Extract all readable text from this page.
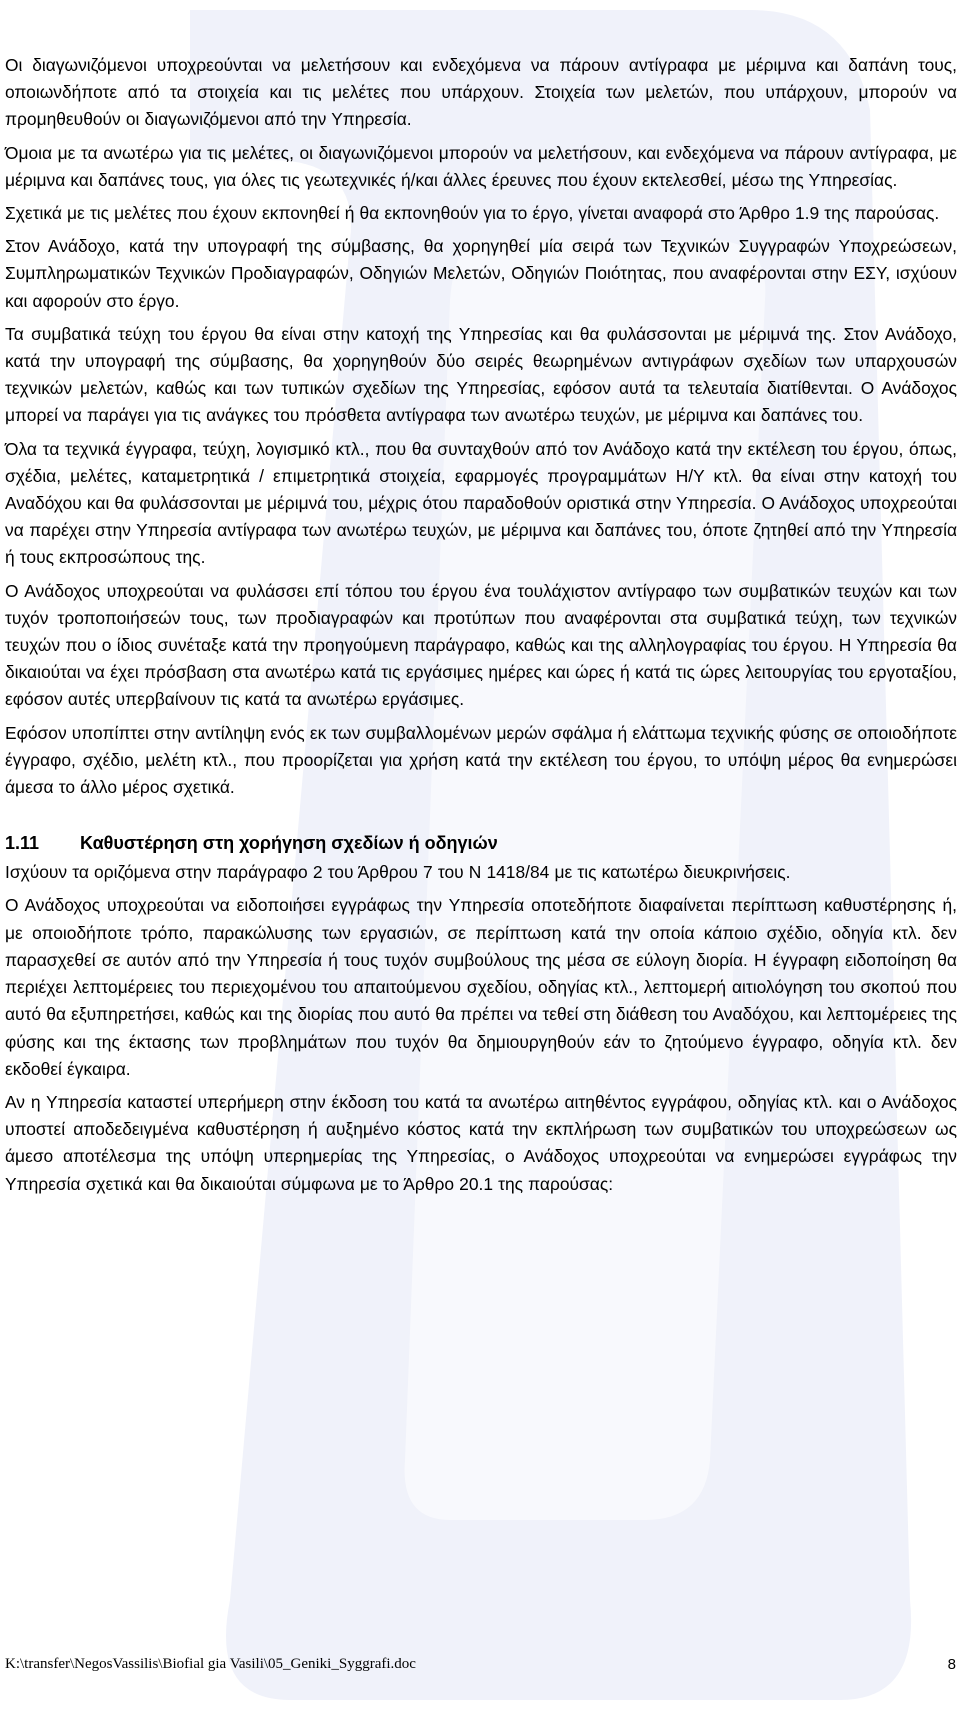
Οι διαγωνιζόμενοι υποχρεούνται να μελετήσουν και ενδεχόμενα να πάρουν αντίγραφα με μέριμνα και δαπάνη τους, οποιωνδήποτε από τα στοιχεία και τις μελέτες που υπάρχουν. Στοιχεία των μελετών, που υπάρχουν, μπορούν να προμηθευθούν οι διαγωνιζόμενοι από την Υπηρεσία.

Όμοια με τα ανωτέρω για τις μελέτες, οι διαγωνιζόμενοι μπορούν να μελετήσουν, και ενδεχόμενα να πάρουν αντίγραφα, με μέριμνα και δαπάνες τους, για όλες τις γεωτεχνικές ή/και άλλες έρευνες που έχουν εκτελεσθεί, μέσω της Υπηρεσίας.

Σχετικά με τις μελέτες που έχουν εκπονηθεί ή θα εκπονηθούν για το έργο, γίνεται αναφορά στο Άρθρο 1.9 της παρούσας.

Στον Ανάδοχο, κατά την υπογραφή της σύμβασης, θα χορηγηθεί μία σειρά των Τεχνικών Συγγραφών Υποχρεώσεων, Συμπληρωματικών Τεχνικών Προδιαγραφών, Οδηγιών Μελετών, Οδηγιών Ποιότητας, που αναφέρονται στην ΕΣΥ, ισχύουν και αφορούν στο έργο.

Τα συμβατικά τεύχη του έργου θα είναι στην κατοχή της Υπηρεσίας και θα φυλάσσονται με μέριμνά της. Στον Ανάδοχο, κατά την υπογραφή της σύμβασης, θα χορηγηθούν δύο σειρές θεωρημένων αντιγράφων σχεδίων των υπαρχουσών τεχνικών μελετών, καθώς και των τυπικών σχεδίων της Υπηρεσίας, εφόσον αυτά τα τελευταία διατίθενται. Ο Ανάδοχος μπορεί να παράγει για τις ανάγκες του πρόσθετα αντίγραφα των ανωτέρω τευχών, με μέριμνα και δαπάνες του.

Όλα τα τεχνικά έγγραφα, τεύχη, λογισμικό κτλ., που θα συνταχθούν από τον Ανάδοχο κατά την εκτέλεση του έργου, όπως, σχέδια, μελέτες, καταμετρητικά / επιμετρητικά στοιχεία, εφαρμογές προγραμμάτων Η/Υ κτλ. θα είναι στην κατοχή του Αναδόχου και θα φυλάσσονται με μέριμνά του, μέχρις ότου παραδοθούν οριστικά στην Υπηρεσία. Ο Ανάδοχος υποχρεούται να παρέχει στην Υπηρεσία αντίγραφα των ανωτέρω τευχών, με μέριμνα και δαπάνες του, όποτε ζητηθεί από την Υπηρεσία ή τους εκπροσώπους της.

Ο Ανάδοχος υποχρεούται να φυλάσσει επί τόπου του έργου ένα τουλάχιστον αντίγραφο των συμβατικών τευχών και των τυχόν τροποποιήσεών τους, των προδιαγραφών και προτύπων που αναφέρονται στα συμβατικά τεύχη, των τεχνικών τευχών που ο ίδιος συνέταξε κατά την προηγούμενη παράγραφο, καθώς και της αλληλογραφίας του έργου. Η Υπηρεσία θα δικαιούται να έχει πρόσβαση στα ανωτέρω κατά τις εργάσιμες ημέρες και ώρες ή κατά τις ώρες λειτουργίας του εργοταξίου, εφόσον αυτές υπερβαίνουν τις κατά τα ανωτέρω εργάσιμες.

Εφόσον υποπίπτει στην αντίληψη ενός εκ των συμβαλλομένων μερών σφάλμα ή ελάττωμα τεχνικής φύσης σε οποιοδήποτε έγγραφο, σχέδιο, μελέτη κτλ., που προορίζεται για χρήση κατά την εκτέλεση του έργου, το υπόψη μέρος θα ενημερώσει άμεσα το άλλο μέρος σχετικά.

1.11	Καθυστέρηση στη χορήγηση σχεδίων ή οδηγιών

Ισχύουν τα οριζόμενα στην παράγραφο 2 του Άρθρου 7 του Ν 1418/84 με τις κατωτέρω διευκρινήσεις.

Ο Ανάδοχος υποχρεούται να ειδοποιήσει εγγράφως την Υπηρεσία οποτεδήποτε διαφαίνεται περίπτωση καθυστέρησης ή, με οποιοδήποτε τρόπο, παρακώλυσης των εργασιών, σε περίπτωση κατά την οποία κάποιο σχέδιο, οδηγία κτλ. δεν παρασχεθεί σε αυτόν από την Υπηρεσία ή τους τυχόν συμβούλους της μέσα σε εύλογη διορία. Η έγγραφη ειδοποίηση θα περιέχει λεπτομέρειες του περιεχομένου του απαιτούμενου σχεδίου, οδηγίας κτλ., λεπτομερή αιτιολόγηση του σκοπού που αυτό θα εξυπηρετήσει, καθώς και της διορίας που αυτό θα πρέπει να τεθεί στη διάθεση του Αναδόχου, και λεπτομέρειες της φύσης και της έκτασης των προβλημάτων που τυχόν θα δημιουργηθούν εάν το ζητούμενο έγγραφο, οδηγία κτλ. δεν εκδοθεί έγκαιρα.

Αν η Υπηρεσία καταστεί υπερήμερη στην έκδοση του κατά τα ανωτέρω αιτηθέντος εγγράφου, οδηγίας κτλ. και ο Ανάδοχος υποστεί αποδεδειγμένα καθυστέρηση ή αυξημένο κόστος κατά την εκπλήρωση των συμβατικών του υποχρεώσεων ως άμεσο αποτέλεσμα της υπόψη υπερημερίας της Υπηρεσίας, ο Ανάδοχος υποχρεούται να ενημερώσει εγγράφως την Υπηρεσία σχετικά και θα δικαιούται σύμφωνα με το Άρθρο 20.1 της παρούσας:

K:\transfer\NegosVassilis\Biofial gia Vasili\05_Geniki_Syggrafi.doc	8
